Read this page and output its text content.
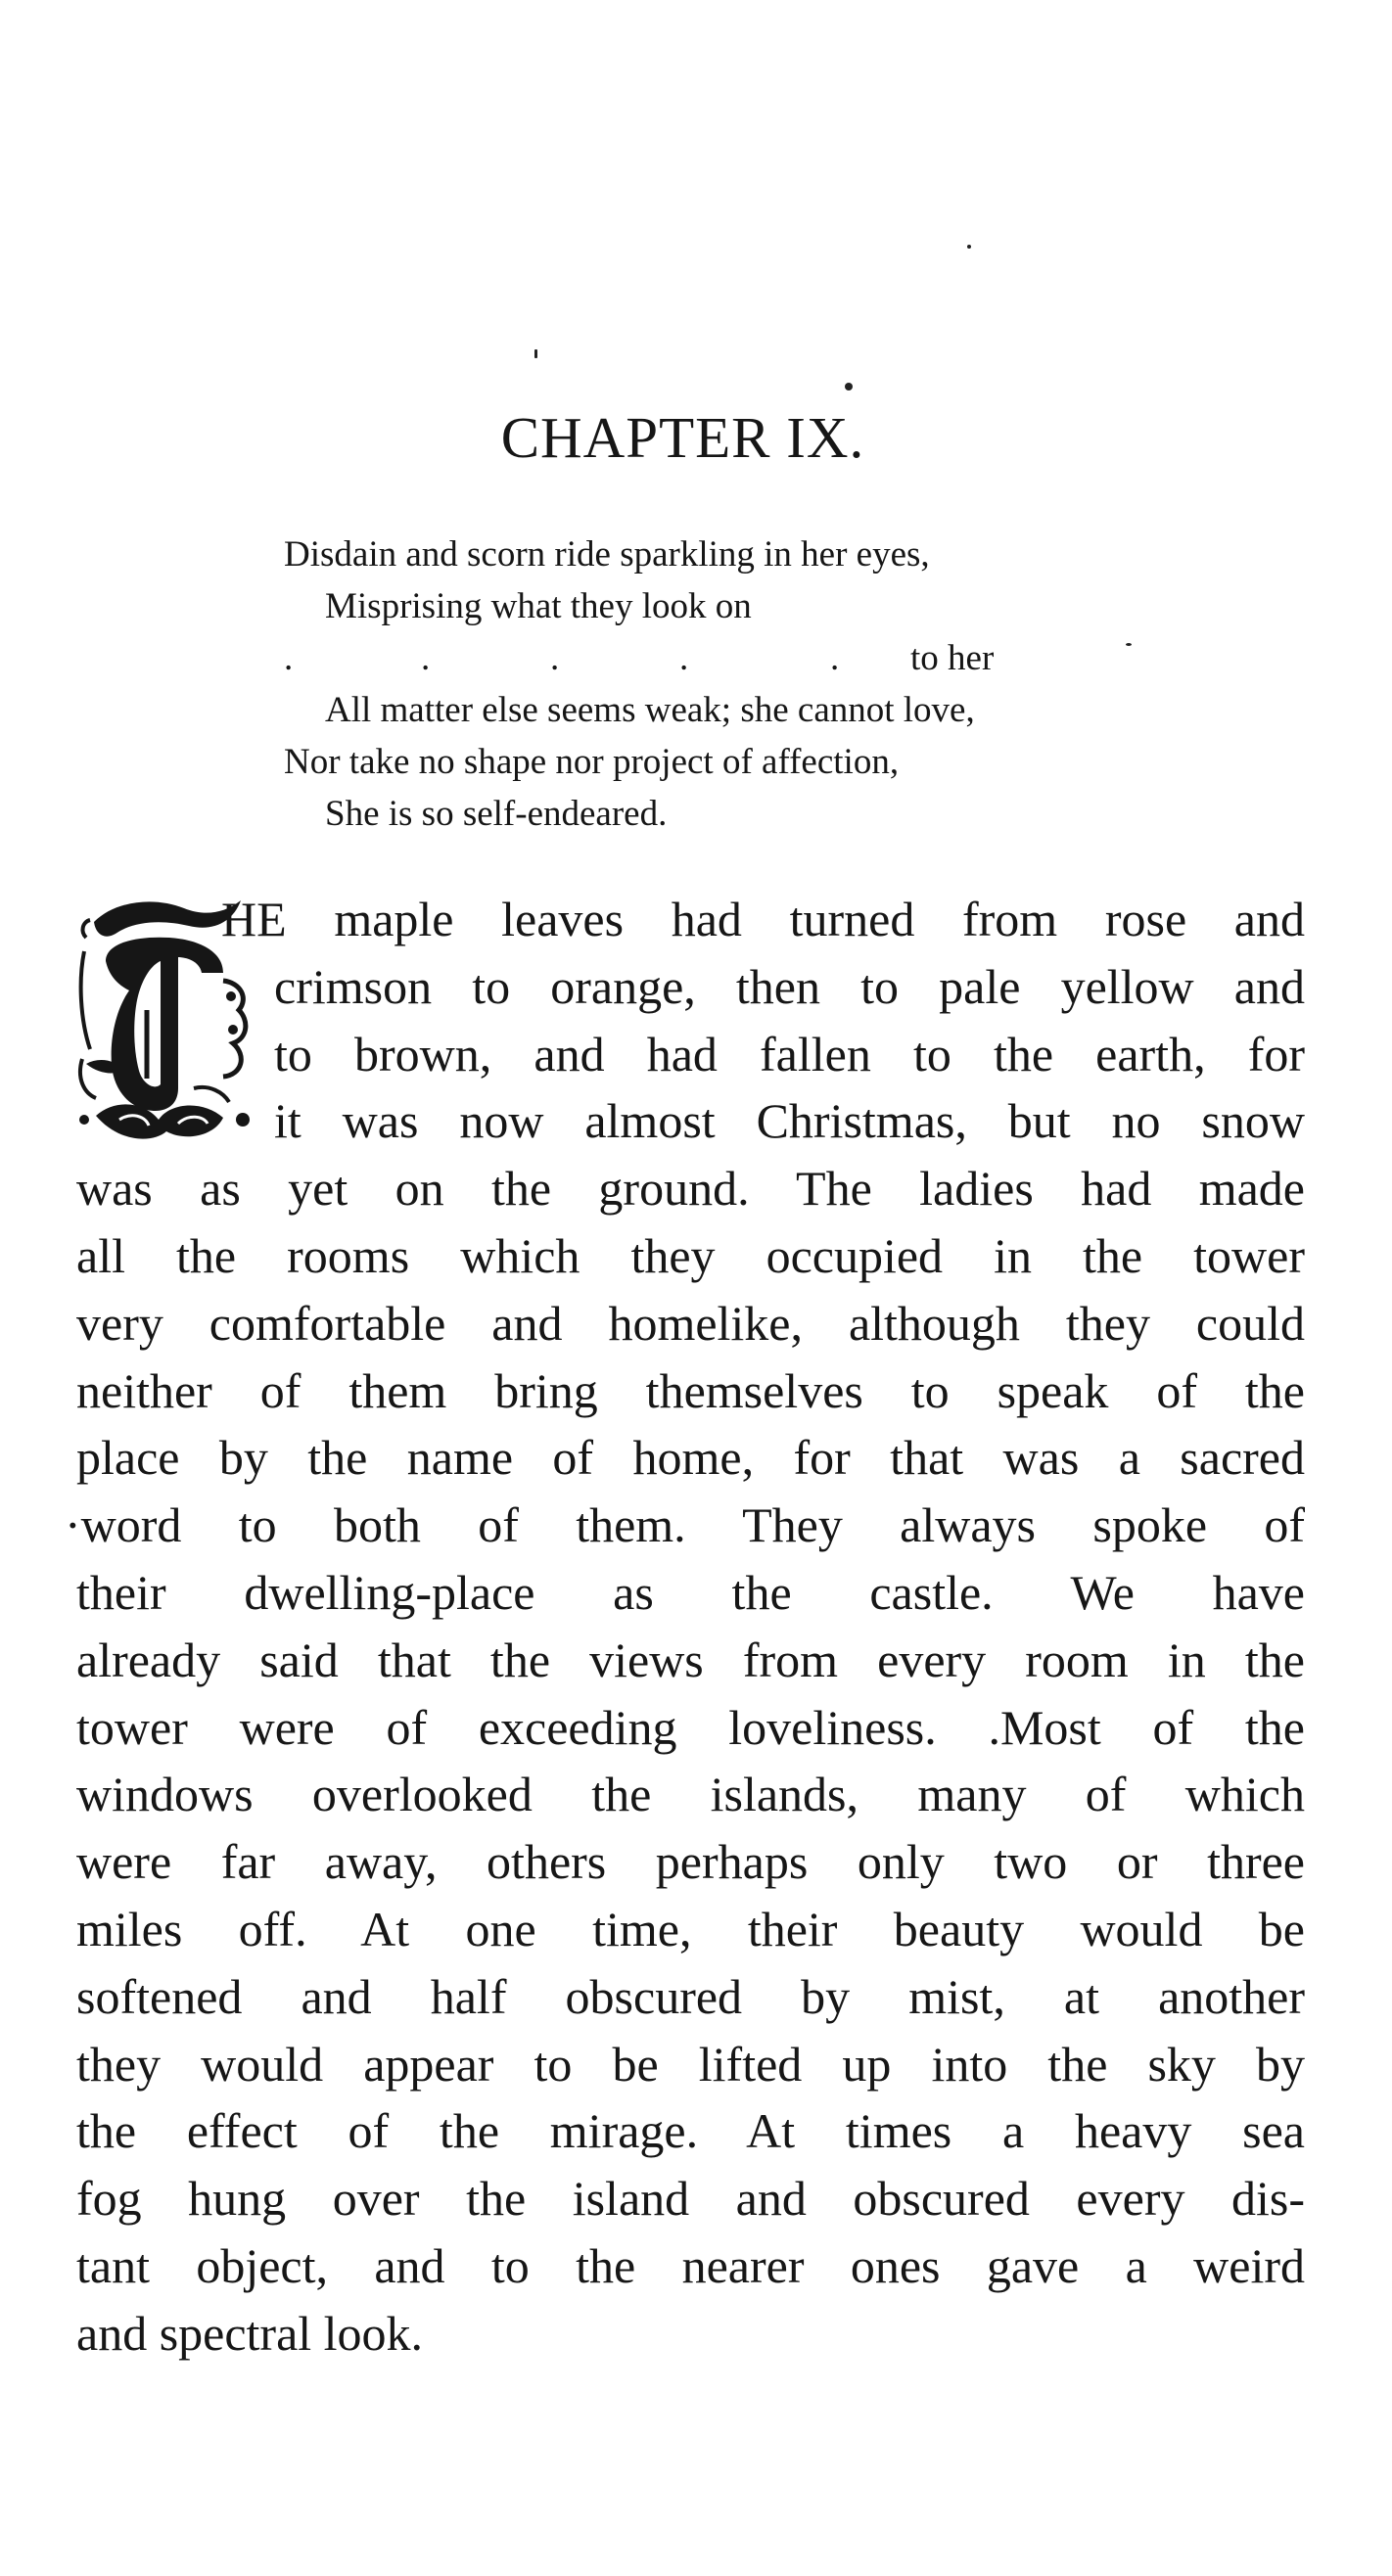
CHAPTER IX.
Disdain and scorn ride sparkling in her eyes,
Misprising what they look on

.

	.

	.

	.

	.

to her

All matter else seems weak; she cannot love,
Nor take no shape nor project of affection,
She is so self-endeared.
HE maple leaves had turned from rose and
crimson to orange, then to pale yellow and
to brown, and had fallen to the earth, for
it was now almost Christmas, but no snow
was as yet on the ground. The ladies had made
all the rooms which they occupied in the tower
very comfortable and homelike, although they could
neither of them bring themselves to speak of the
place by the name of home, for that was a sacred
·word to both of them. They always spoke of
their dwelling-place as the castle. We have
already said that the views from every room in the
tower were of exceeding loveliness. .Most of the
windows overlooked the islands, many of which
were far away, others perhaps only two or three
miles off. At one time, their beauty would be
softened and half obscured by mist, at another
they would appear to be lifted up into the sky by
the effect of the mirage. At times a heavy sea
fog hung over the island and obscured every dis-
tant object, and to the nearer ones gave a weird
and spectral look.
